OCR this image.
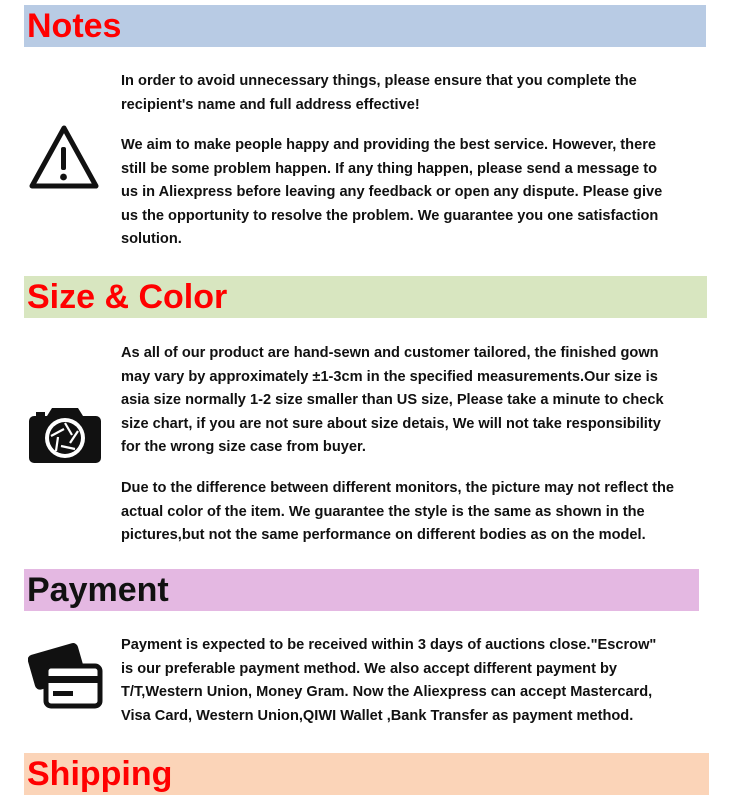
Notes

In order to avoid unnecessary things, please ensure that you complete the
recipient's name and full address effective!

We aim to make people happy and providing the best service. However, there
still be some problem happen. If any thing happen, please send a message to
us in Aliexpress before leaving any feedback or open any dispute. Please give
us the opportunity to resolve the problem. We guarantee you one satisfaction
solution.

Size & Color

As all of our product are hand-sewn and customer tailored, the finished gown
may vary by approximately ±1-3cm in the specified measurements.Our size is
asia size normally 1-2 size smaller than US size, Please take a minute to check
size chart, if you are not sure about size detais, We will not take responsibility
for the wrong size case from buyer.

Due to the difference between different monitors, the picture may not reflect the
actual color of the item. We guarantee the style is the same as shown in the
pictures,but not the same performance on different bodies as on the model.

Payment

Payment is expected to be received within 3 days of auctions close."Escrow"
is our preferable payment method. We also accept different payment by
T/T,Western Union, Money Gram. Now the Aliexpress can accept Mastercard,
Visa Card, Western Union,QIWI Wallet ,Bank Transfer as payment method.

Shipping
